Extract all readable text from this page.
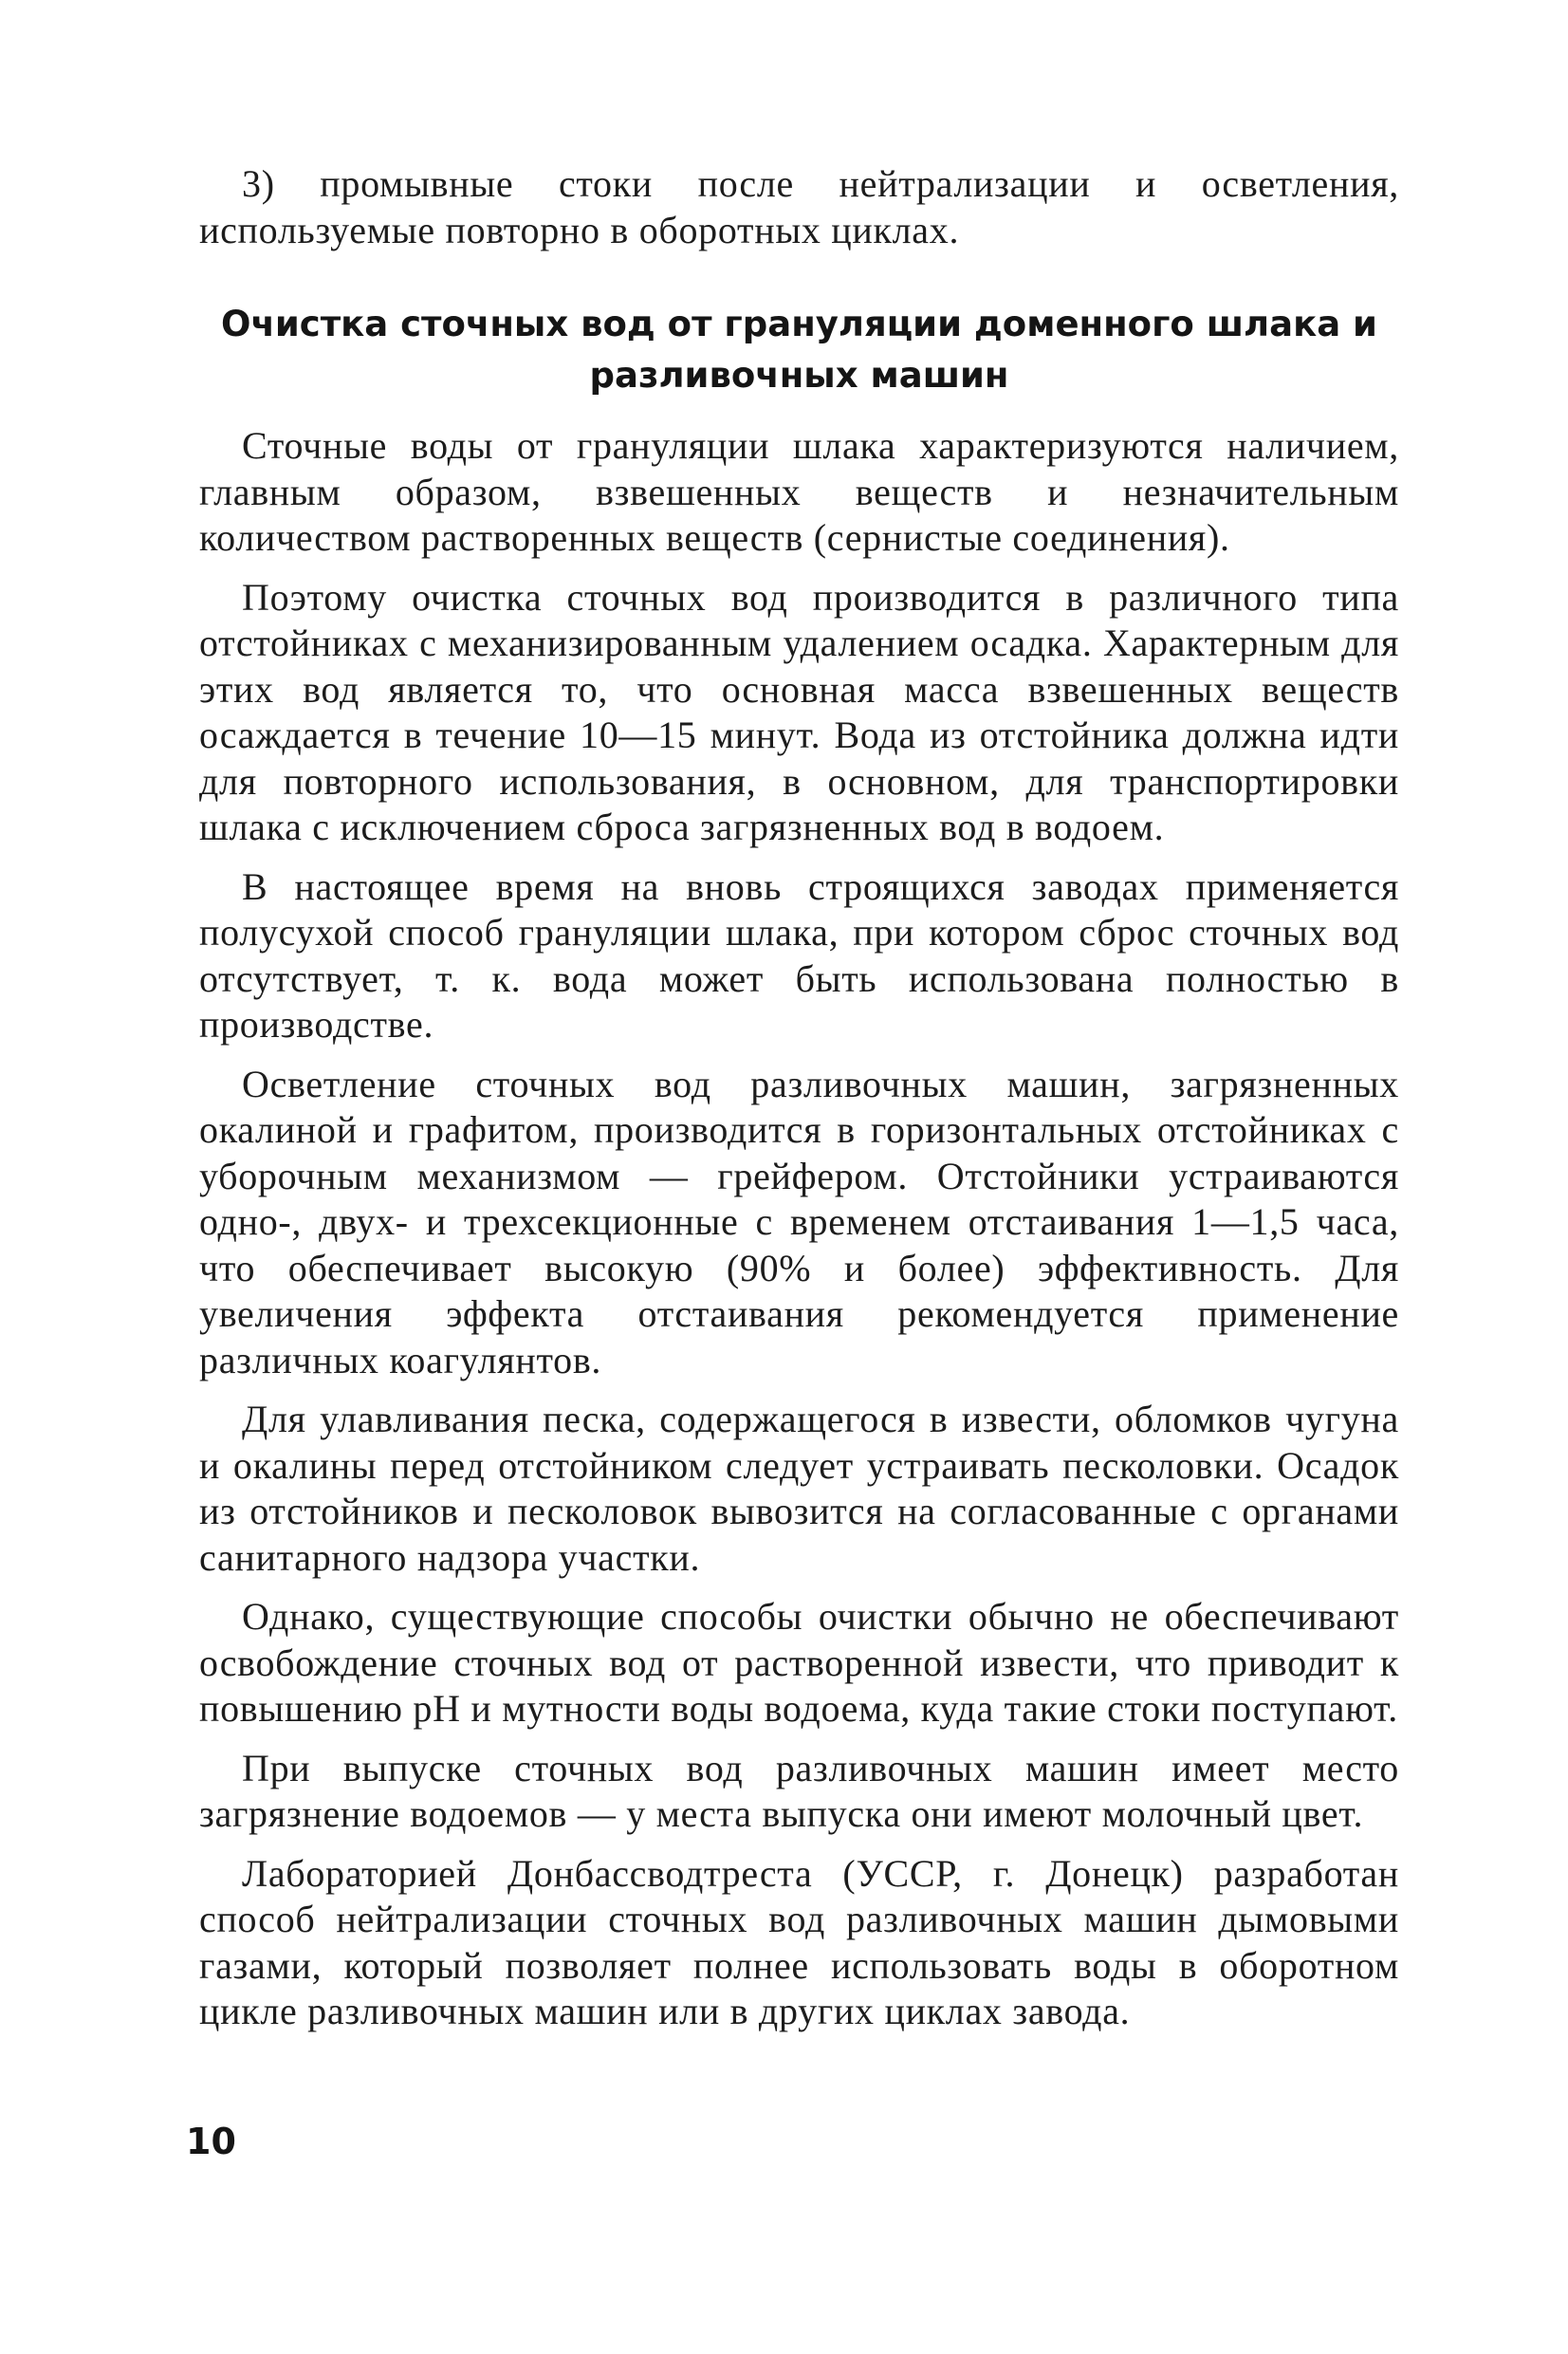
3) промывные стоки после нейтрализации и осветления, используемые повторно в оборотных циклах.

Очистка сточных вод от грануляции доменного шлака и разливочных машин

Сточные воды от грануляции шлака характеризуются наличием, главным образом, взвешенных веществ и незначительным количеством растворенных веществ (сернистые соединения).

Поэтому очистка сточных вод производится в различного типа отстойниках с механизированным удалением осадка. Характерным для этих вод является то, что основная масса взвешенных веществ осаждается в течение 10—15 минут. Вода из отстойника должна идти для повторного использования, в основном, для транспортировки шлака с исключением сброса загрязненных вод в водоем.

В настоящее время на вновь строящихся заводах применяется полусухой способ грануляции шлака, при котором сброс сточных вод отсутствует, т. к. вода может быть использована полностью в производстве.

Осветление сточных вод разливочных машин, загрязненных окалиной и графитом, производится в горизонтальных отстойниках с уборочным механизмом — грейфером. Отстойники устраиваются одно-, двух- и трехсекционные с временем отстаивания 1—1,5 часа, что обеспечивает высокую (90% и более) эффективность. Для увеличения эффекта отстаивания рекомендуется применение различных коагулянтов.

Для улавливания песка, содержащегося в извести, обломков чугуна и окалины перед отстойником следует устраивать песколовки. Осадок из отстойников и песколовок вывозится на согласованные с органами санитарного надзора участки.

Однако, существующие способы очистки обычно не обеспечивают освобождение сточных вод от растворенной извести, что приводит к повышению pH и мутности воды водоема, куда такие стоки поступают.

При выпуске сточных вод разливочных машин имеет место загрязнение водоемов — у места выпуска они имеют молочный цвет.

Лабораторией Донбассводтреста (УССР, г. Донецк) разработан способ нейтрализации сточных вод разливочных машин дымовыми газами, который позволяет полнее использовать воды в оборотном цикле разливочных машин или в других циклах завода.

10
